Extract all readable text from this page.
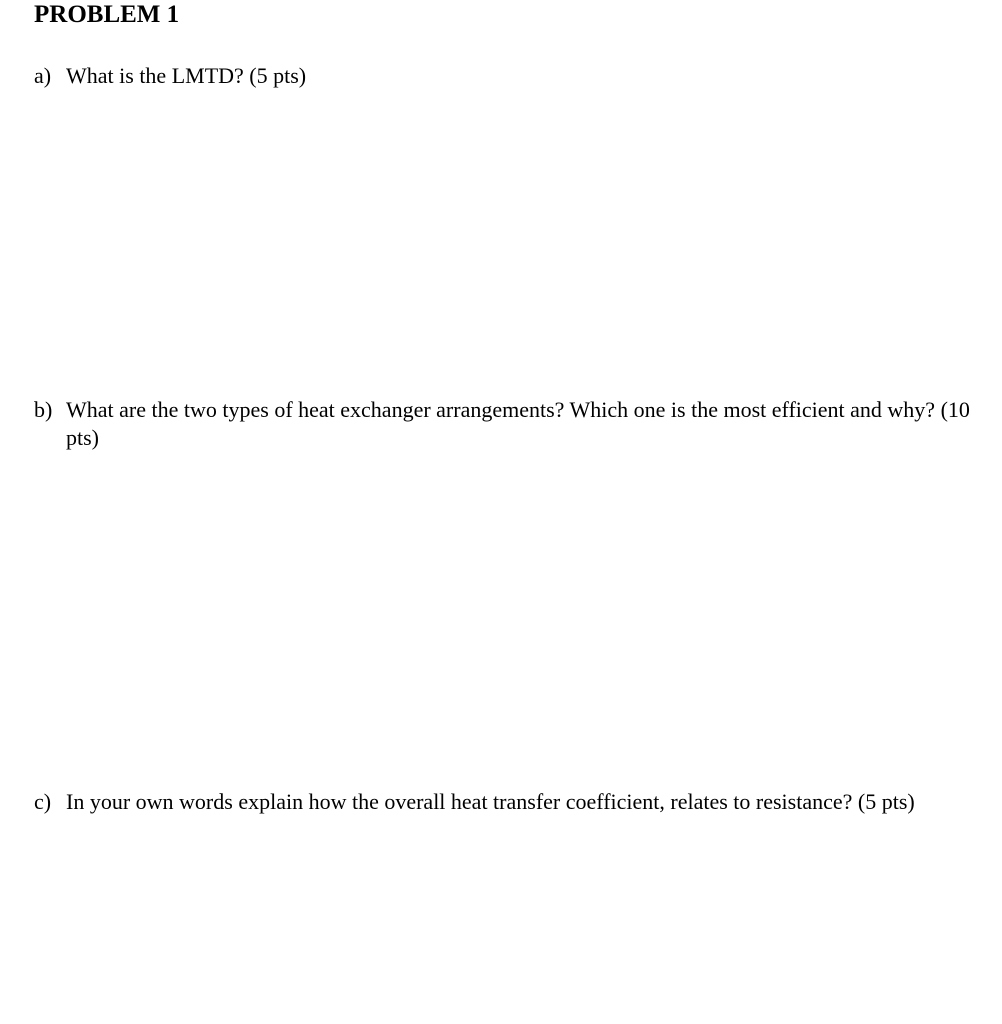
PROBLEM 1
a) What is the LMTD? (5 pts)
b) What are the two types of heat exchanger arrangements? Which one is the most efficient and why? (10 pts)
c) In your own words explain how the overall heat transfer coefficient, relates to resistance? (5 pts)
